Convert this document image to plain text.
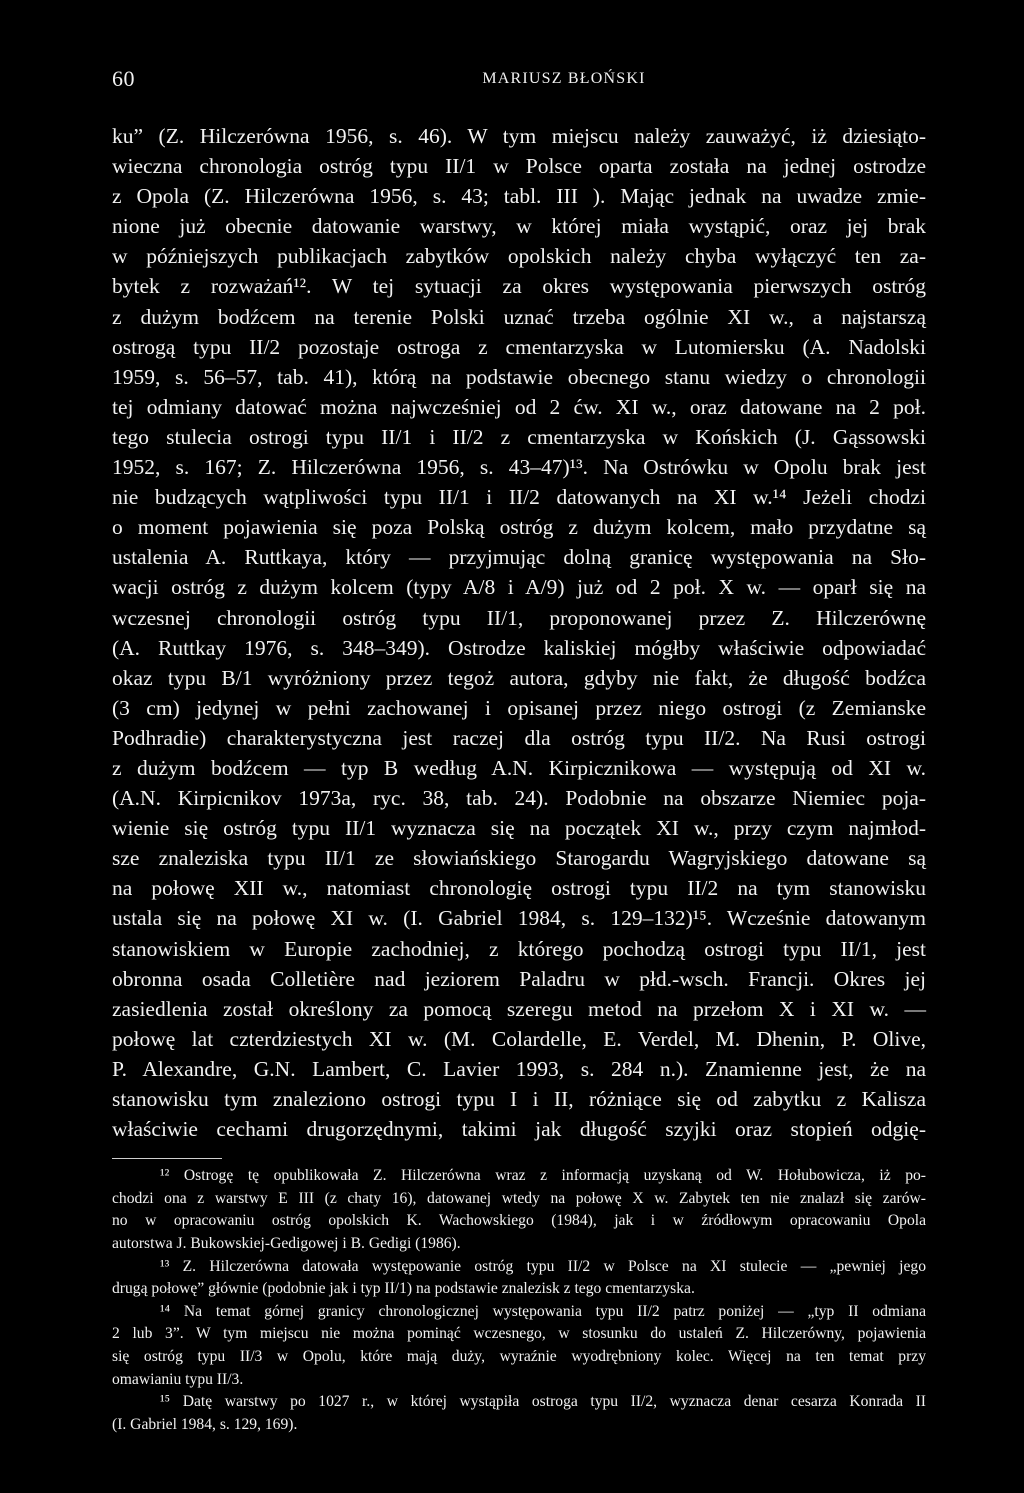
60	MARIUSZ BŁOŃSKI
ku” (Z. Hilczerówna 1956, s. 46). W tym miejscu należy zauważyć, iż dziesiąto-
wieczna chronologia ostróg typu II/1 w Polsce oparta została na jednej ostrodze
z Opola (Z. Hilczerówna 1956, s. 43; tabl. III ). Mając jednak na uwadze zmie-
nione już obecnie datowanie warstwy, w której miała wystąpić, oraz jej brak
w późniejszych publikacjach zabytków opolskich należy chyba wyłączyć ten za-
bytek z rozważań¹². W tej sytuacji za okres występowania pierwszych ostróg
z dużym bodźcem na terenie Polski uznać trzeba ogólnie XI w., a najstarszą
ostrogą typu II/2 pozostaje ostroga z cmentarzyska w Lutomiersku (A. Nadolski
1959, s. 56–57, tab. 41), którą na podstawie obecnego stanu wiedzy o chronologii
tej odmiany datować można najwcześniej od 2 ćw. XI w., oraz datowane na 2 poł.
tego stulecia ostrogi typu II/1 i II/2 z cmentarzyska w Końskich (J. Gąssowski
1952, s. 167; Z. Hilczerówna 1956, s. 43–47)¹³. Na Ostrówku w Opolu brak jest
nie budzących wątpliwości typu II/1 i II/2 datowanych na XI w.¹⁴ Jeżeli chodzi
o moment pojawienia się poza Polską ostróg z dużym kolcem, mało przydatne są
ustalenia A. Ruttkaya, który — przyjmując dolną granicę występowania na Sło-
wacji ostróg z dużym kolcem (typy A/8 i A/9) już od 2 poł. X w. — oparł się na
wczesnej chronologii ostróg typu II/1, proponowanej przez Z. Hilczerównę
(A. Ruttkay 1976, s. 348–349). Ostrodze kaliskiej mógłby właściwie odpowiadać
okaz typu B/1 wyróżniony przez tegoż autora, gdyby nie fakt, że długość bodźca
(3 cm) jedynej w pełni zachowanej i opisanej przez niego ostrogi (z Zemianske
Podhradie) charakterystyczna jest raczej dla ostróg typu II/2. Na Rusi ostrogi
z dużym bodźcem — typ B według A.N. Kirpicznikowa — występują od XI w.
(A.N. Kirpicnikov 1973a, ryc. 38, tab. 24). Podobnie na obszarze Niemiec poja-
wienie się ostróg typu II/1 wyznacza się na początek XI w., przy czym najmłod-
sze znaleziska typu II/1 ze słowiańskiego Starogardu Wagryjskiego datowane są
na połowę XII w., natomiast chronologię ostrogi typu II/2 na tym stanowisku
ustala się na połowę XI w. (I. Gabriel 1984, s. 129–132)¹⁵. Wcześnie datowanym
stanowiskiem w Europie zachodniej, z którego pochodzą ostrogi typu II/1, jest
obronna osada Colletière nad jeziorem Paladru w płd.-wsch. Francji. Okres jej
zasiedlenia został określony za pomocą szeregu metod na przełom X i XI w. —
połowę lat czterdziestych XI w. (M. Colardelle, E. Verdel, M. Dhenin, P. Olive,
P. Alexandre, G.N. Lambert, C. Lavier 1993, s. 284 n.). Znamienne jest, że na
stanowisku tym znaleziono ostrogi typu I i II, różniące się od zabytku z Kalisza
właściwie cechami drugorzędnymi, takimi jak długość szyjki oraz stopień odgię-
¹² Ostrogę tę opublikowała Z. Hilczerówna wraz z informacją uzyskaną od W. Hołubowicza, iż po-
chodzi ona z warstwy E III (z chaty 16), datowanej wtedy na połowę X w. Zabytek ten nie znalazł się zarów-
no w opracowaniu ostróg opolskich K. Wachowskiego (1984), jak i w źródłowym opracowaniu Opola
autorstwa J. Bukowskiej-Gedigowej i B. Gedigi (1986).
¹³ Z. Hilczerówna datowała występowanie ostróg typu II/2 w Polsce na XI stulecie — „pewniej jego
drugą połowę” głównie (podobnie jak i typ II/1) na podstawie znalezisk z tego cmentarzyska.
¹⁴ Na temat górnej granicy chronologicznej występowania typu II/2 patrz poniżej — „typ II odmiana
2 lub 3”. W tym miejscu nie można pominąć wczesnego, w stosunku do ustaleń Z. Hilczerówny, pojawienia
się ostróg typu II/3 w Opolu, które mają duży, wyraźnie wyodrębniony kolec. Więcej na ten temat przy
omawianiu typu II/3.
¹⁵ Datę warstwy po 1027 r., w której wystąpiła ostroga typu II/2, wyznacza denar cesarza Konrada II
(I. Gabriel 1984, s. 129, 169).
